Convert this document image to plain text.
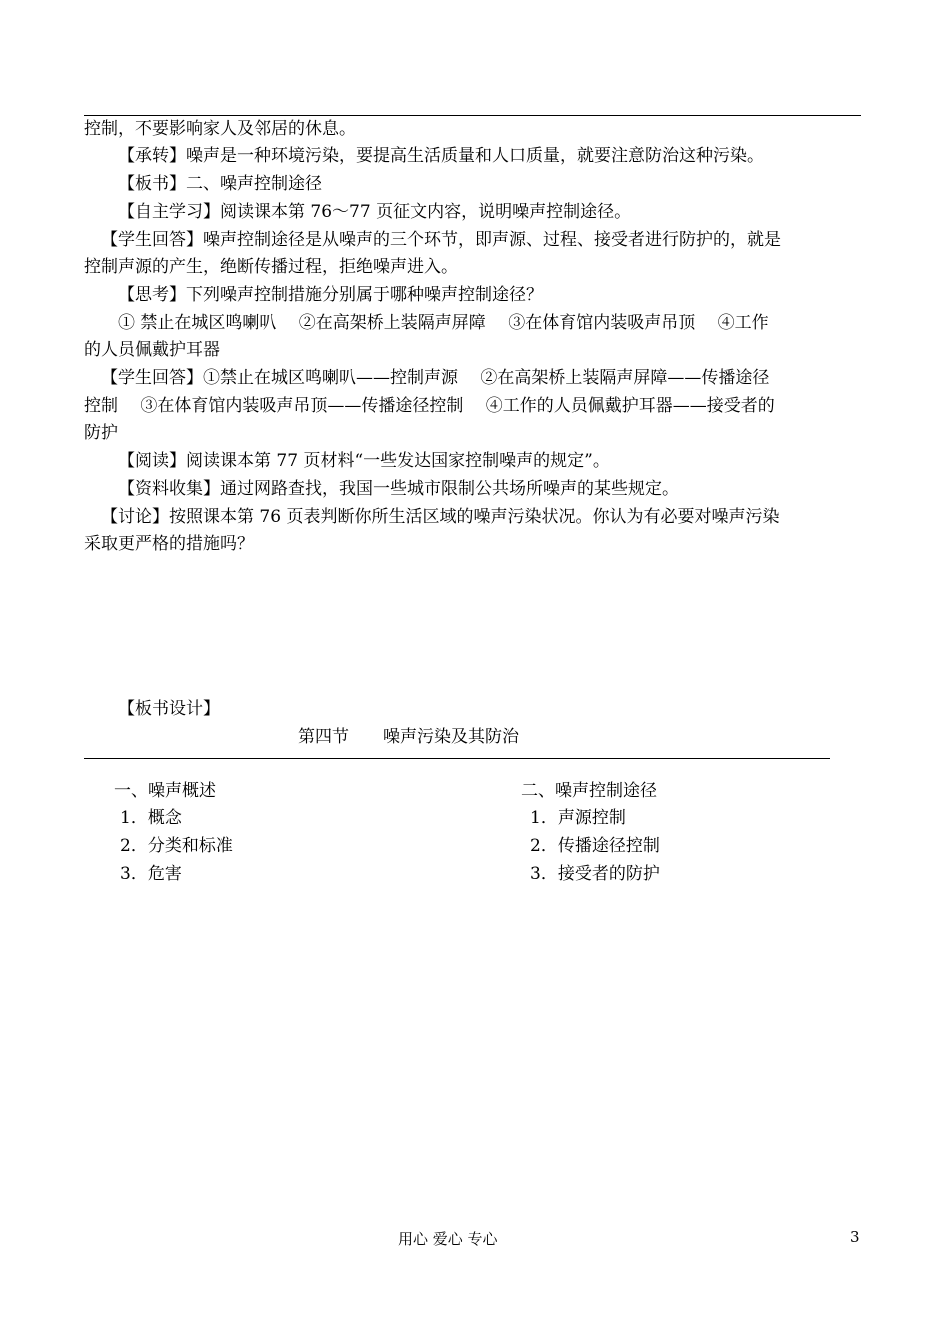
控制，不要影响家人及邻居的休息。
【承转】噪声是一种环境污染，要提高生活质量和人口质量，就要注意防治这种污染。
【板书】二、噪声控制途径
【自主学习】阅读课本第 76～77 页征文内容，说明噪声控制途径。
【学生回答】噪声控制途径是从噪声的三个环节，即声源、过程、接受者进行防护的，就是
控制声源的产生，绝断传播过程，拒绝噪声进入。
【思考】下列噪声控制措施分别属于哪种噪声控制途径？
① 禁止在城区鸣喇叭　 ②在高架桥上装隔声屏障　 ③在体育馆内装吸声吊顶　 ④工作
的人员佩戴护耳器
【学生回答】①禁止在城区鸣喇叭——控制声源　 ②在高架桥上装隔声屏障——传播途径
控制　 ③在体育馆内装吸声吊顶——传播途径控制　 ④工作的人员佩戴护耳器——接受者的
防护
【阅读】阅读课本第 77 页材料“一些发达国家控制噪声的规定”。
【资料收集】通过网路查找，我国一些城市限制公共场所噪声的某些规定。
【讨论】按照课本第 76 页表判断你所生活区域的噪声污染状况。你认为有必要对噪声污染
采取更严格的措施吗？
【板书设计】
第四节　　噪声污染及其防治
一、噪声概述
1．概念
2．分类和标准
3．危害
二、噪声控制途径
1．声源控制
2．传播途径控制
3．接受者的防护
用心 爱心 专心	3
